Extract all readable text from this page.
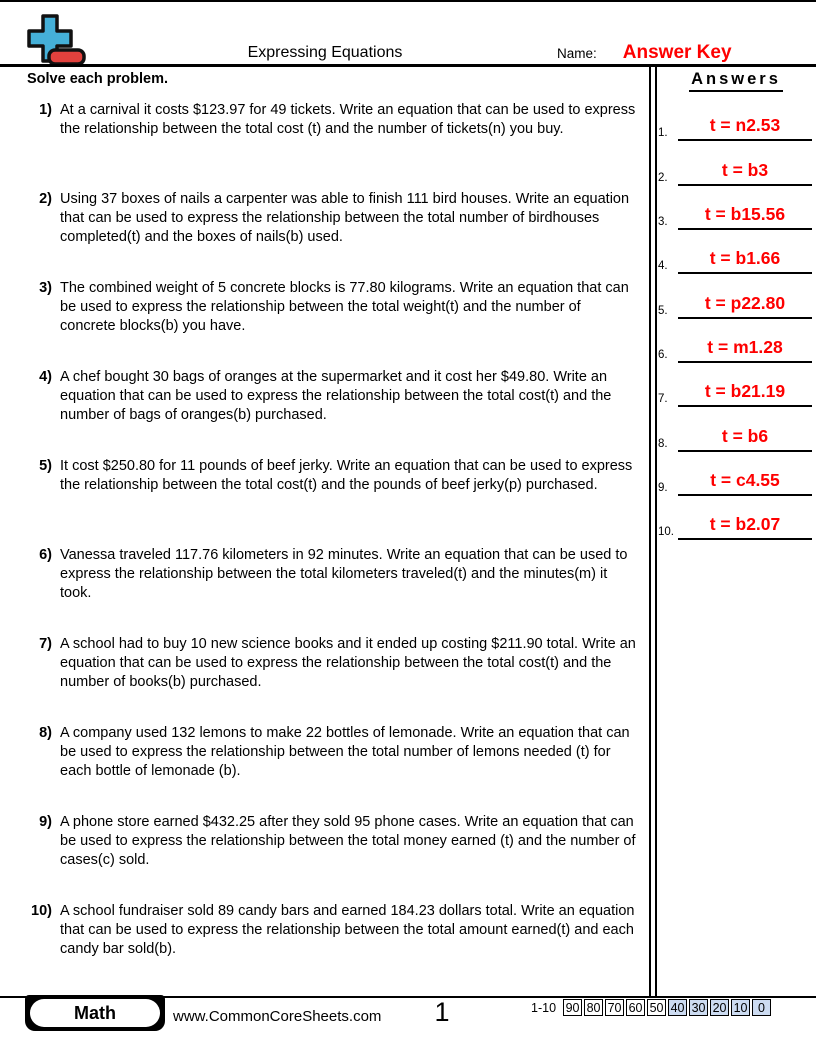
Expressing Equations	Name: Answer Key
Solve each problem.
1) At a carnival it costs $123.97 for 49 tickets. Write an equation that can be used to express the relationship between the total cost (t) and the number of tickets(n) you buy.
2) Using 37 boxes of nails a carpenter was able to finish 111 bird houses. Write an equation that can be used to express the relationship between the total number of birdhouses completed(t) and the boxes of nails(b) used.
3) The combined weight of 5 concrete blocks is 77.80 kilograms. Write an equation that can be used to express the relationship between the total weight(t) and the number of concrete blocks(b) you have.
4) A chef bought 30 bags of oranges at the supermarket and it cost her $49.80. Write an equation that can be used to express the relationship between the total cost(t) and the number of bags of oranges(b) purchased.
5) It cost $250.80 for 11 pounds of beef jerky. Write an equation that can be used to express the relationship between the total cost(t) and the pounds of beef jerky(p) purchased.
6) Vanessa traveled 117.76 kilometers in 92 minutes. Write an equation that can be used to express the relationship between the total kilometers traveled(t) and the minutes(m) it took.
7) A school had to buy 10 new science books and it ended up costing $211.90 total. Write an equation that can be used to express the relationship between the total cost(t) and the number of books(b) purchased.
8) A company used 132 lemons to make 22 bottles of lemonade. Write an equation that can be used to express the relationship between the total number of lemons needed (t) for each bottle of lemonade (b).
9) A phone store earned $432.25 after they sold 95 phone cases. Write an equation that can be used to express the relationship between the total money earned (t) and the number of cases(c) sold.
10) A school fundraiser sold 89 candy bars and earned 184.23 dollars total. Write an equation that can be used to express the relationship between the total amount earned(t) and each candy bar sold(b).
Answers
1.	t = n2.53
2.	t = b3
3.	t = b15.56
4.	t = b1.66
5.	t = p22.80
6.	t = m1.28
7.	t = b21.19
8.	t = b6
9.	t = c4.55
10.	t = b2.07
Math	www.CommonCoreSheets.com	1	1-10 90 80 70 60 50 40 30 20 10 0
